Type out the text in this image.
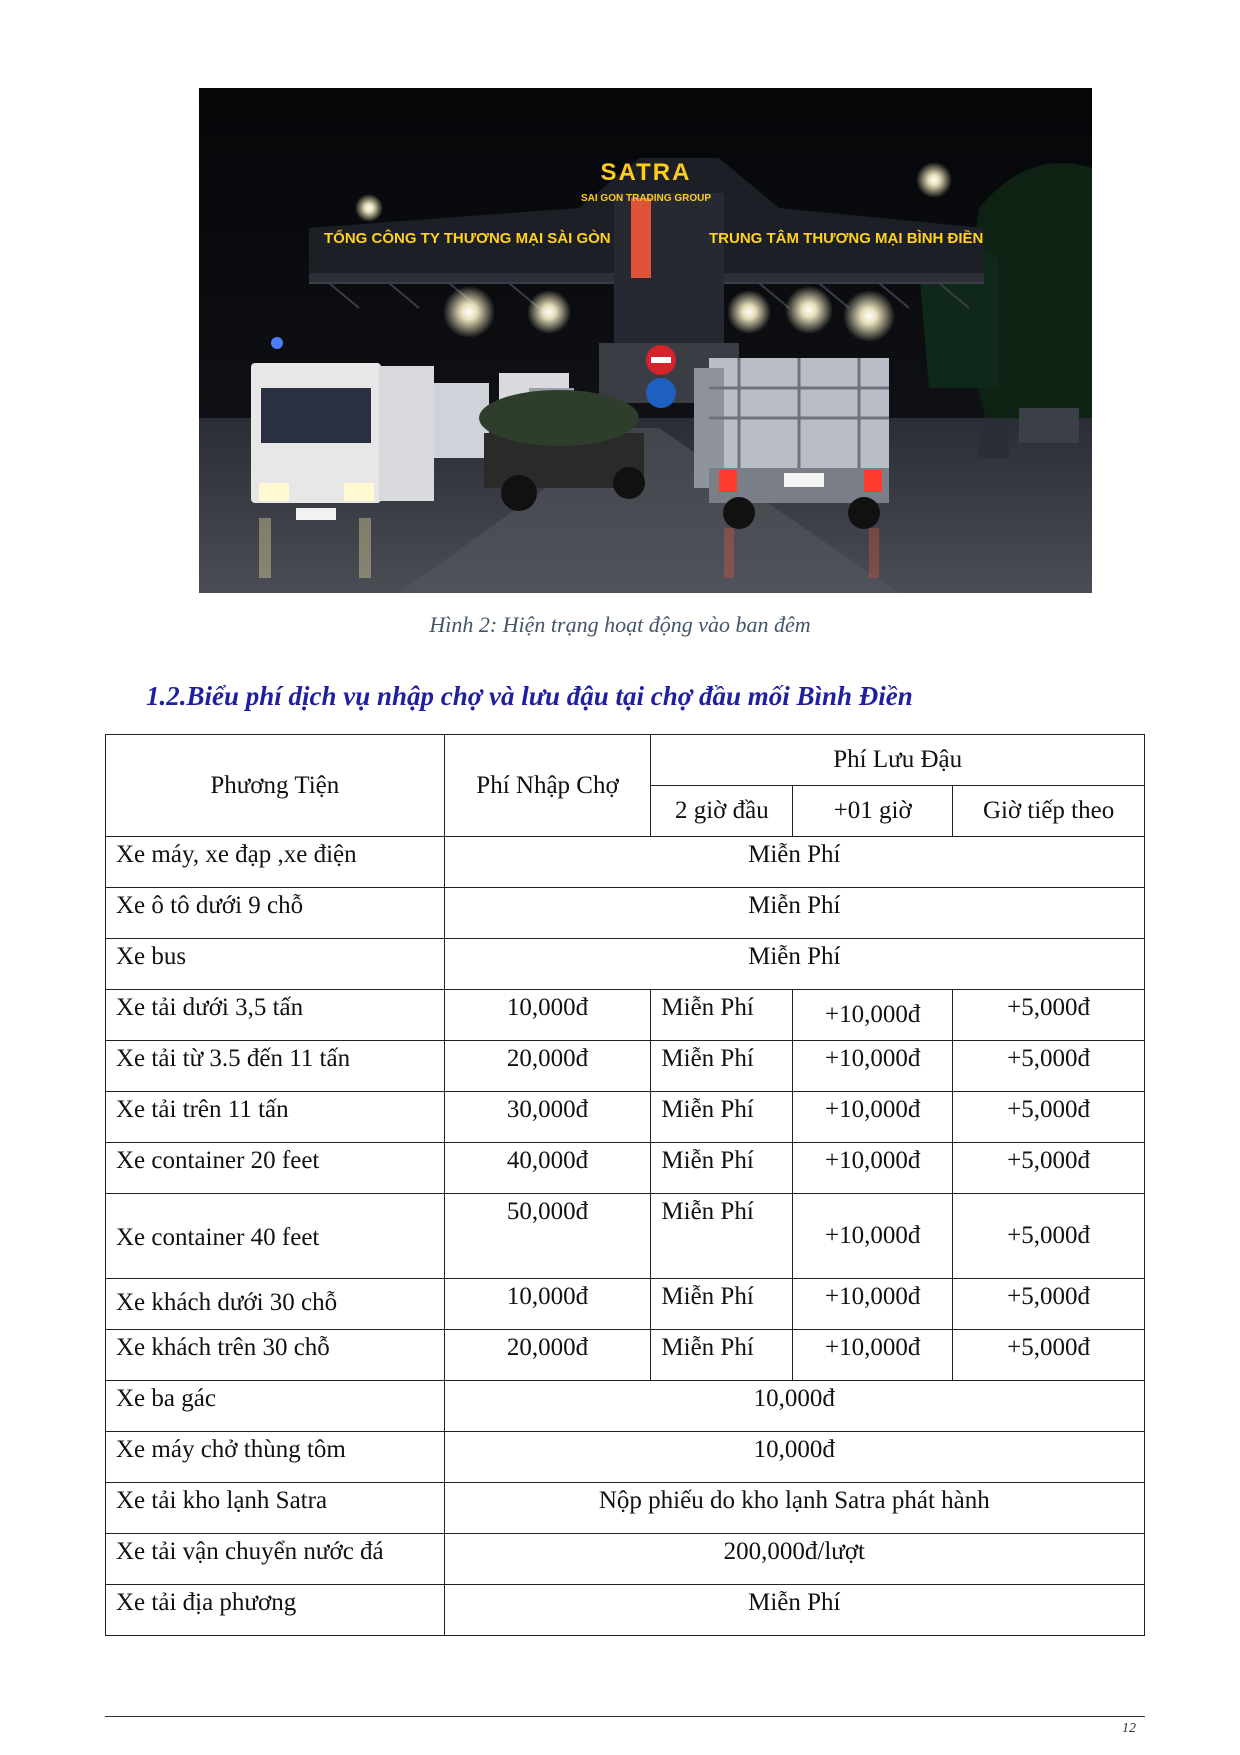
SATRA
SAI GON TRADING GROUP
TỔNG CÔNG TY THƯƠNG MẠI SÀI GÒN	TRUNG TÂM THƯƠNG MẠI BÌNH ĐIỀN
Hình 2: Hiện trạng hoạt động vào ban đêm
1.2.Biểu phí dịch vụ nhập chợ và lưu đậu tại chợ đầu mối Bình Điền
Phương Tiện	Phí Nhập Chợ	Phí Lưu Đậu		
		2 giờ đầu	+01 giờ	Giờ tiếp theo
Xe máy, xe đạp ,xe điện	Miễn Phí			
Xe ô tô dưới 9 chỗ	Miễn Phí			
Xe bus	Miễn Phí			
Xe tải dưới 3,5 tấn	10,000đ	Miễn Phí	+10,000đ	+5,000đ
Xe tải từ 3.5 đến 11 tấn	20,000đ	Miễn Phí	+10,000đ	+5,000đ
Xe tải trên 11 tấn	30,000đ	Miễn Phí	+10,000đ	+5,000đ
Xe container 20 feet	40,000đ	Miễn Phí	+10,000đ	+5,000đ
Xe container 40 feet	50,000đ	Miễn Phí	+10,000đ	+5,000đ
Xe khách dưới 30 chỗ	10,000đ	Miễn Phí	+10,000đ	+5,000đ
Xe khách trên 30 chỗ	20,000đ	Miễn Phí	+10,000đ	+5,000đ
Xe ba gác	10,000đ			
Xe máy chở thùng tôm	10,000đ			
Xe tải kho lạnh Satra	Nộp phiếu do kho lạnh Satra phát hành			
Xe tải vận chuyển nước đá	200,000đ/lượt			
Xe tải địa phương	Miễn Phí			
12
